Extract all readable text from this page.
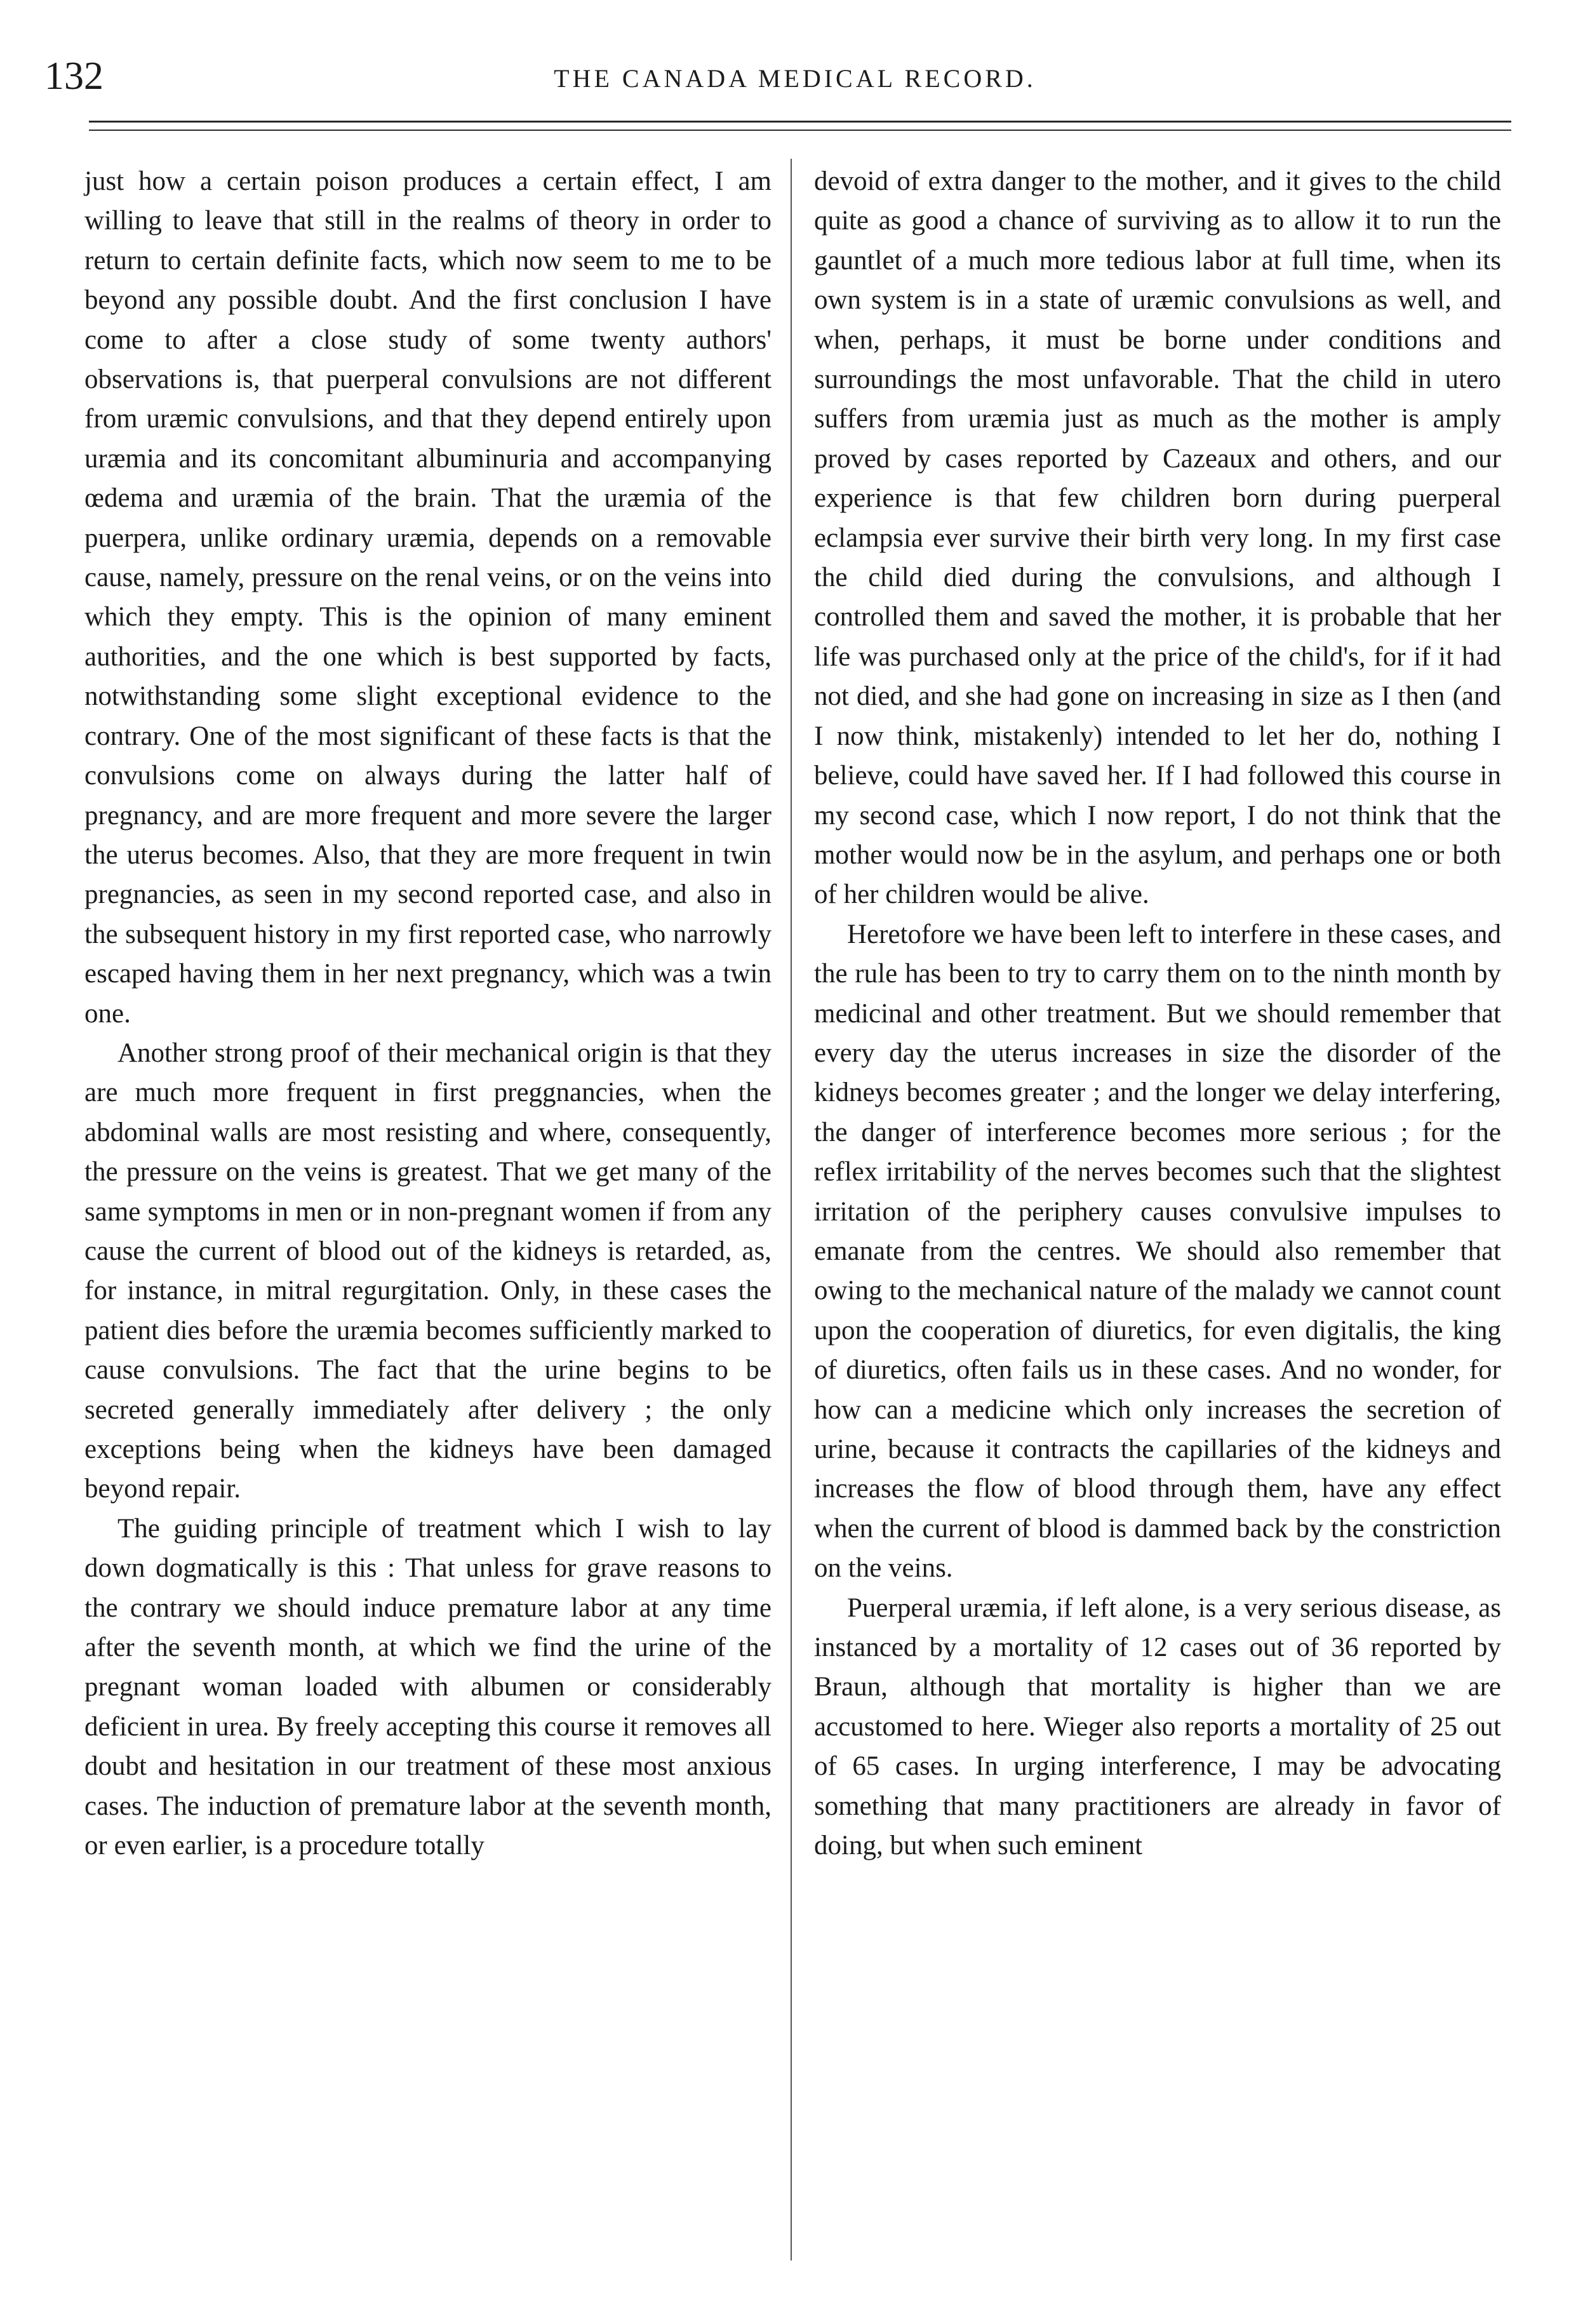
132	THE CANADA MEDICAL RECORD.

just how a certain poison produces a certain effect, I am willing to leave that still in the realms of theory in order to return to certain definite facts, which now seem to me to be beyond any possible doubt. And the first conclusion I have come to after a close study of some twenty authors' observations is, that puerperal convulsions are not different from uræmic convulsions, and that they depend entirely upon uræmia and its concomitant albuminuria and accompanying œdema and uræmia of the brain. That the uræmia of the puerpera, unlike ordinary uræmia, depends on a removable cause, namely, pressure on the renal veins, or on the veins into which they empty. This is the opinion of many eminent authorities, and the one which is best supported by facts, notwithstanding some slight exceptional evidence to the contrary. One of the most significant of these facts is that the convulsions come on always during the latter half of pregnancy, and are more frequent and more severe the larger the uterus becomes. Also, that they are more frequent in twin pregnancies, as seen in my second reported case, and also in the subsequent history in my first reported case, who narrowly escaped having them in her next pregnancy, which was a twin one.

Another strong proof of their mechanical origin is that they are much more frequent in first preggnancies, when the abdominal walls are most resisting and where, consequently, the pressure on the veins is greatest. That we get many of the same symptoms in men or in non-pregnant women if from any cause the current of blood out of the kidneys is retarded, as, for instance, in mitral regurgitation. Only, in these cases the patient dies before the uræmia becomes sufficiently marked to cause convulsions. The fact that the urine begins to be secreted generally immediately after delivery ; the only exceptions being when the kidneys have been damaged beyond repair.

The guiding principle of treatment which I wish to lay down dogmatically is this : That unless for grave reasons to the contrary we should induce premature labor at any time after the seventh month, at which we find the urine of the pregnant woman loaded with albumen or considerably deficient in urea. By freely accepting this course it removes all doubt and hesitation in our treatment of these most anxious cases. The induction of premature labor at the seventh month, or even earlier, is a procedure totally

devoid of extra danger to the mother, and it gives to the child quite as good a chance of surviving as to allow it to run the gauntlet of a much more tedious labor at full time, when its own system is in a state of uræmic convulsions as well, and when, perhaps, it must be borne under conditions and surroundings the most unfavorable. That the child in utero suffers from uræmia just as much as the mother is amply proved by cases reported by Cazeaux and others, and our experience is that few children born during puerperal eclampsia ever survive their birth very long. In my first case the child died during the convulsions, and although I controlled them and saved the mother, it is probable that her life was purchased only at the price of the child's, for if it had not died, and she had gone on increasing in size as I then (and I now think, mistakenly) intended to let her do, nothing I believe, could have saved her. If I had followed this course in my second case, which I now report, I do not think that the mother would now be in the asylum, and perhaps one or both of her children would be alive.

Heretofore we have been left to interfere in these cases, and the rule has been to try to carry them on to the ninth month by medicinal and other treatment. But we should remember that every day the uterus increases in size the disorder of the kidneys becomes greater ; and the longer we delay interfering, the danger of interference becomes more serious ; for the reflex irritability of the nerves becomes such that the slightest irritation of the periphery causes convulsive impulses to emanate from the centres. We should also remember that owing to the mechanical nature of the malady we cannot count upon the cooperation of diuretics, for even digitalis, the king of diuretics, often fails us in these cases. And no wonder, for how can a medicine which only increases the secretion of urine, because it contracts the capillaries of the kidneys and increases the flow of blood through them, have any effect when the current of blood is dammed back by the constriction on the veins.

Puerperal uræmia, if left alone, is a very serious disease, as instanced by a mortality of 12 cases out of 36 reported by Braun, although that mortality is higher than we are accustomed to here. Wieger also reports a mortality of 25 out of 65 cases. In urging interference, I may be advocating something that many practitioners are already in favor of doing, but when such eminent
